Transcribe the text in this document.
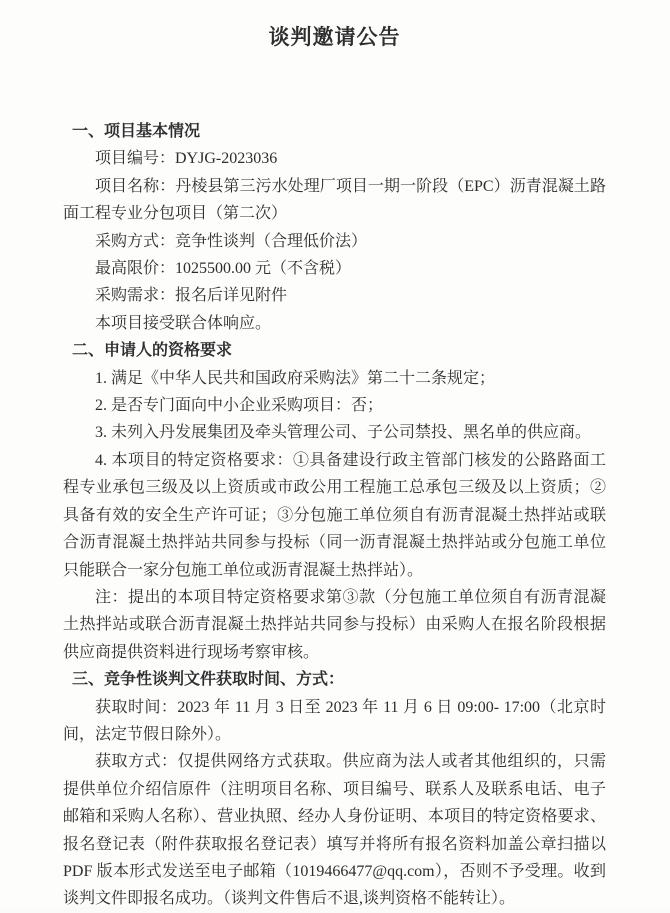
谈判邀请公告

一、项目基本情况

项目编号：DYJG-2023036

项目名称：丹棱县第三污水处理厂项目一期一阶段（EPC）沥青混凝土路面工程专业分包项目（第二次）

采购方式：竞争性谈判（合理低价法）

最高限价：1025500.00 元（不含税）

采购需求：报名后详见附件

本项目接受联合体响应。

二、申请人的资格要求

1. 满足《中华人民共和国政府采购法》第二十二条规定；

2. 是否专门面向中小企业采购项目：否；

3. 未列入丹发展集团及牵头管理公司、子公司禁投、黑名单的供应商。

4. 本项目的特定资格要求：①具备建设行政主管部门核发的公路路面工程专业承包三级及以上资质或市政公用工程施工总承包三级及以上资质；②具备有效的安全生产许可证；③分包施工单位须自有沥青混凝土热拌站或联合沥青混凝土热拌站共同参与投标（同一沥青混凝土热拌站或分包施工单位只能联合一家分包施工单位或沥青混凝土热拌站）。

注：提出的本项目特定资格要求第③款（分包施工单位须自有沥青混凝土热拌站或联合沥青混凝土热拌站共同参与投标）由采购人在报名阶段根据供应商提供资料进行现场考察审核。

三、竞争性谈判文件获取时间、方式：

获取时间：2023 年 11 月 3 日至 2023 年 11 月 6 日 09:00- 17:00（北京时间，法定节假日除外）。

获取方式：仅提供网络方式获取。供应商为法人或者其他组织的，只需提供单位介绍信原件（注明项目名称、项目编号、联系人及联系电话、电子邮箱和采购人名称）、营业执照、经办人身份证明、本项目的特定资格要求、报名登记表（附件获取报名登记表）填写并将所有报名资料加盖公章扫描以 PDF 版本形式发送至电子邮箱（1019466477@qq.com），否则不予受理。收到谈判文件即报名成功。（谈判文件售后不退,谈判资格不能转让）。
